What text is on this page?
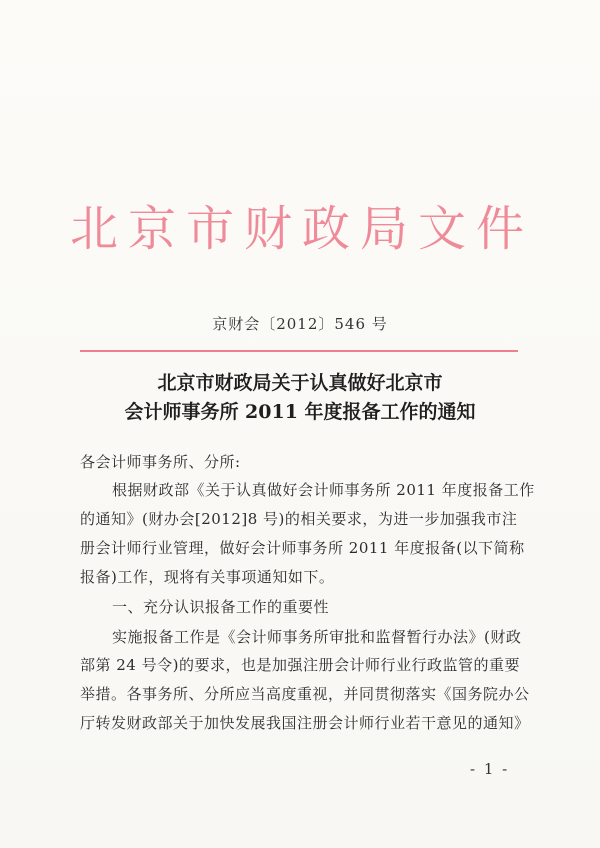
北京市财政局文件
京财会〔2012〕546 号
北京市财政局关于认真做好北京市
会计师事务所 2011 年度报备工作的通知
各会计师事务所、分所:
根据财政部《关于认真做好会计师事务所 2011 年度报备工作
的通知》(财办会[2012]8 号)的相关要求，为进一步加强我市注
册会计师行业管理，做好会计师事务所 2011 年度报备(以下简称
报备)工作，现将有关事项通知如下。
一、充分认识报备工作的重要性
实施报备工作是《会计师事务所审批和监督暂行办法》(财政
部第 24 号令)的要求，也是加强注册会计师行业行政监管的重要
举措。各事务所、分所应当高度重视，并同贯彻落实《国务院办公
厅转发财政部关于加快发展我国注册会计师行业若干意见的通知》
- 1 -
